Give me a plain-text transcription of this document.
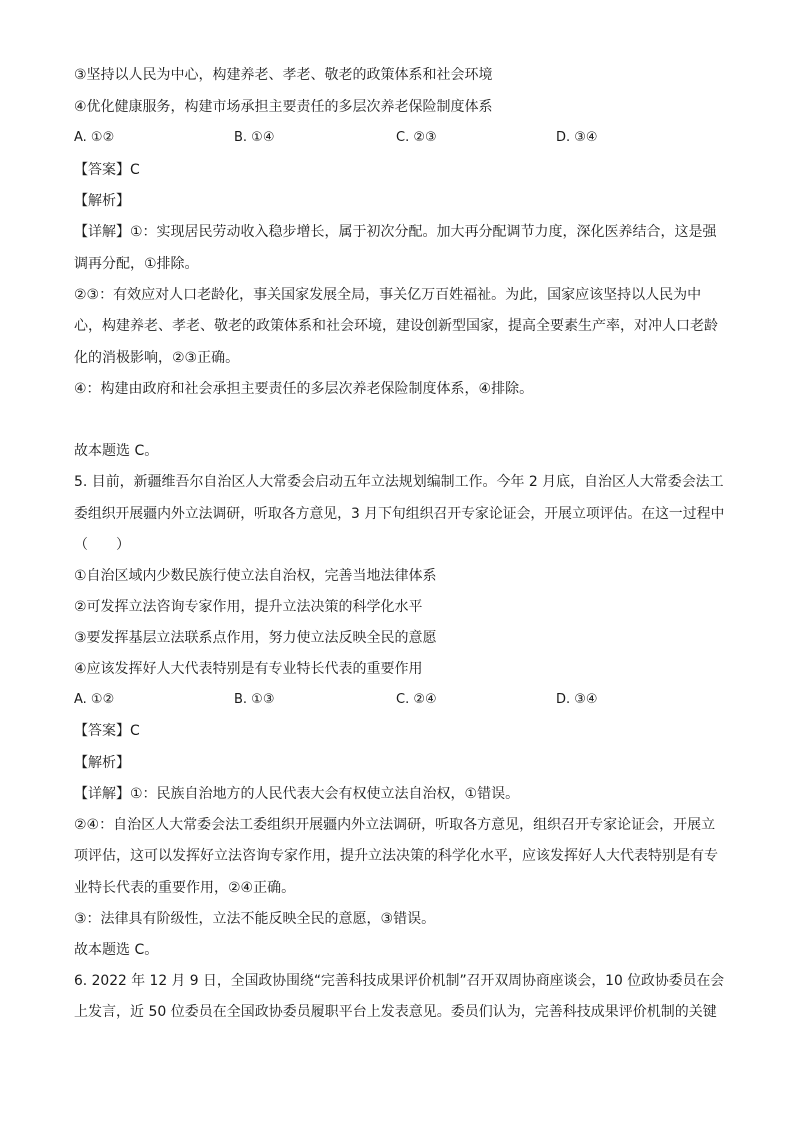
③坚持以人民为中心，构建养老、孝老、敬老的政策体系和社会环境
④优化健康服务，构建市场承担主要责任的多层次养老保险制度体系
A. ①②	B. ①④	C. ②③	D. ③④
【答案】C
【解析】
【详解】①：实现居民劳动收入稳步增长，属于初次分配。加大再分配调节力度，深化医养结合，这是强
调再分配，①排除。
②③：有效应对人口老龄化，事关国家发展全局，事关亿万百姓福祉。为此，国家应该坚持以人民为中
心，构建养老、孝老、敬老的政策体系和社会环境，建设创新型国家，提高全要素生产率，对冲人口老龄
化的消极影响，②③正确。
④：构建由政府和社会承担主要责任的多层次养老保险制度体系，④排除。
故本题选 C。
5. 目前，新疆维吾尔自治区人大常委会启动五年立法规划编制工作。今年 2 月底，自治区人大常委会法工
委组织开展疆内外立法调研，听取各方意见，3 月下旬组织召开专家论证会，开展立项评估。在这一过程中
（　　）
①自治区域内少数民族行使立法自治权，完善当地法律体系
②可发挥立法咨询专家作用，提升立法决策的科学化水平
③要发挥基层立法联系点作用，努力使立法反映全民的意愿
④应该发挥好人大代表特别是有专业特长代表的重要作用
A. ①②	B. ①③	C. ②④	D. ③④
【答案】C
【解析】
【详解】①：民族自治地方的人民代表大会有权使立法自治权，①错误。
②④：自治区人大常委会法工委组织开展疆内外立法调研，听取各方意见，组织召开专家论证会，开展立
项评估，这可以发挥好立法咨询专家作用，提升立法决策的科学化水平，应该发挥好人大代表特别是有专
业特长代表的重要作用，②④正确。
③：法律具有阶级性，立法不能反映全民的意愿，③错误。
故本题选 C。
6. 2022 年 12 月 9 日，全国政协围绕“完善科技成果评价机制”召开双周协商座谈会，10 位政协委员在会
上发言，近 50 位委员在全国政协委员履职平台上发表意见。委员们认为，完善科技成果评价机制的关键
